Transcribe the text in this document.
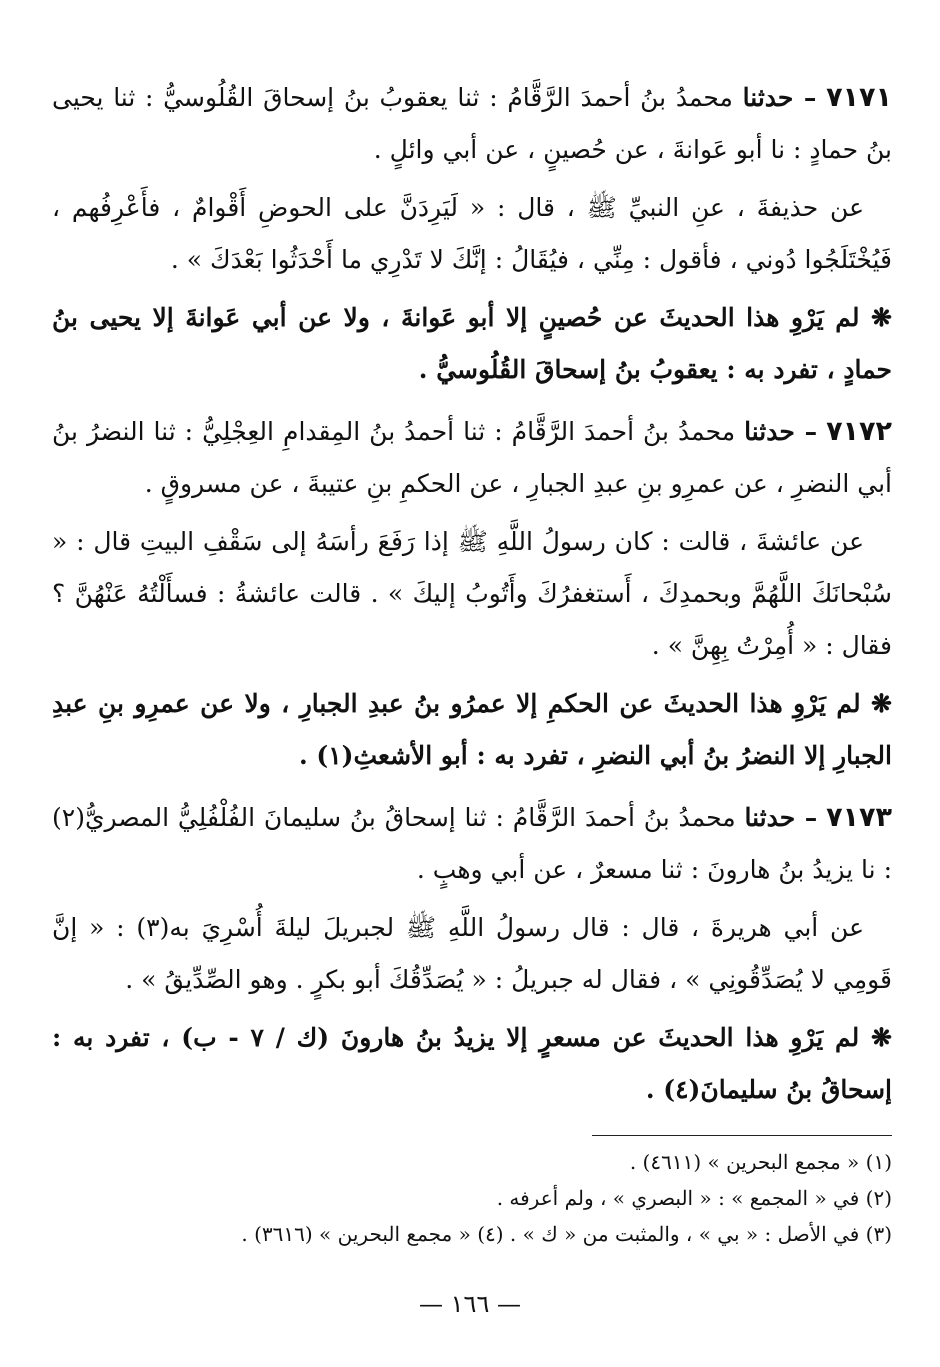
٧١٧١ – حدثنا محمدُ بنُ أحمدَ الرَّقَّامُ : ثنا يعقوبُ بنُ إسحاقَ القُلُوسيُّ : ثنا يحيى بنُ حمادٍ : نا أبو عَوانةَ ، عن حُصينٍ ، عن أبي وائلٍ .

عن حذيفةَ ، عنِ النبيِّ ﷺ ، قال : « لَيَرِدَنَّ على الحوضِ أَقْوامٌ ، فأَعْرِفُهم ، فَيُخْتَلَجُوا دُوني ، فأقول : مِنِّي ، فيُقَالُ : إنَّكَ لا تَدْرِي ما أَحْدَثُوا بَعْدَكَ » .

❋ لم يَرْوِ هذا الحديثَ عن حُصينٍ إلا أبو عَوانةَ ، ولا عن أبي عَوانةَ إلا يحيى بنُ حمادٍ ، تفرد به : يعقوبُ بنُ إسحاقَ القُلُوسيُّ .

٧١٧٢ – حدثنا محمدُ بنُ أحمدَ الرَّقَّامُ : ثنا أحمدُ بنُ المِقدامِ العِجْلِيُّ : ثنا النضرُ بنُ أبي النضرِ ، عن عمرِو بنِ عبدِ الجبارِ ، عن الحكمِ بنِ عتيبةَ ، عن مسروقٍ .

عن عائشةَ ، قالت : كان رسولُ اللَّهِ ﷺ إذا رَفَعَ رأسَهُ إلى سَقْفِ البيتِ قال : « سُبْحانَكَ اللَّهُمَّ وبحمدِكَ ، أَستغفرُكَ وأَتُوبُ إليكَ » . قالت عائشةُ : فسأَلْتُهُ عَنْهُنَّ ؟ فقال : « أُمِرْتُ بِهِنَّ » .

❋ لم يَرْوِ هذا الحديثَ عن الحكمِ إلا عمرُو بنُ عبدِ الجبارِ ، ولا عن عمرِو بنِ عبدِ الجبارِ إلا النضرُ بنُ أبي النضرِ ، تفرد به : أبو الأشعثِ(١) .

٧١٧٣ – حدثنا محمدُ بنُ أحمدَ الرَّقَّامُ : ثنا إسحاقُ بنُ سليمانَ الفُلْفُلِيُّ المصريُّ(٢) : نا يزيدُ بنُ هارونَ : ثنا مسعرٌ ، عن أبي وهبٍ .

عن أبي هريرةَ ، قال : قال رسولُ اللَّهِ ﷺ لجبريلَ ليلةَ أُسْرِيَ به(٣) : « إنَّ قَومِي لا يُصَدِّقُونِي » ، فقال له جبريلُ : « يُصَدِّقُكَ أبو بكرٍ . وهو الصِّدِّيقُ » .

❋ لم يَرْوِ هذا الحديثَ عن مسعرٍ إلا يزيدُ بنُ هارونَ (ك / ٧ - ب) ، تفرد به : إسحاقُ بنُ سليمانَ(٤) .

(١) « مجمع البحرين » (٤٦١١) .

(٢) في « المجمع » : « البصري » ، ولم أعرفه .

(٣) في الأصل : « بي » ، والمثبت من « ك » . (٤) « مجمع البحرين » (٣٦١٦) .

— ١٦٦ —
